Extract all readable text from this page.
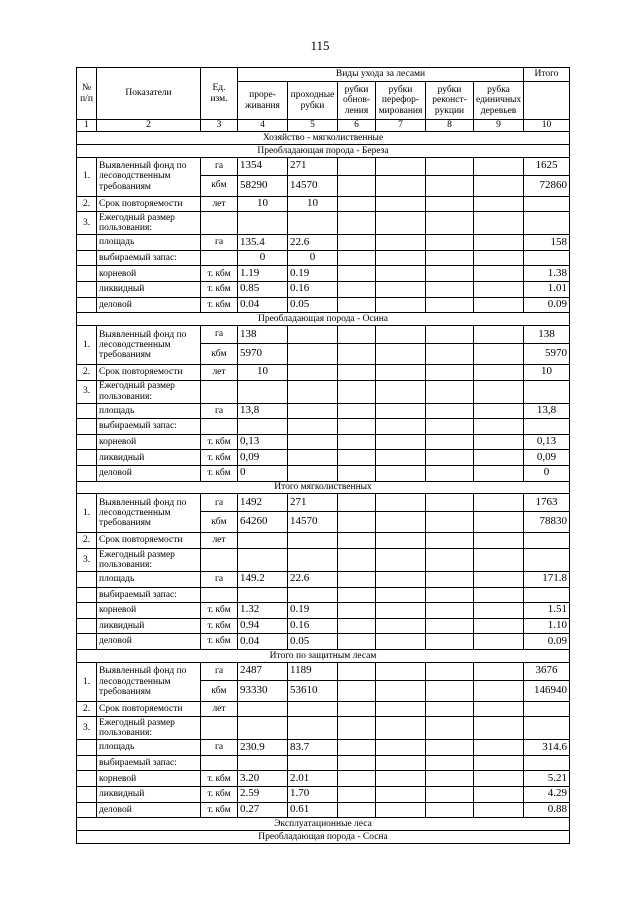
115
№ п/п	Показатели	Ед. изм.	Виды ухода за лесами						Итого
			проре-живания	проходные рубки	рубки обнов-ления	рубки перефор-мирования	рубки реконст-рукции	рубка единичных деревьев	
1	2	3	4	5	6	7	8	9	10
Хозяйство - мягколиственные									
Преобладающая порода - Береза									
1.	Выявленный фонд по лесоводственным требованиям	га	1354	271					1625
		кбм	58290	14570					72860
2.	Срок повторяемости	лет	10	10					
3.	Ежегодный размер пользования:								
	площадь	га	135.4	22.6					158
	выбираемый запас:		0	0					
	корневой	т. кбм	1.19	0.19					1.38
	ликвидный	т. кбм	0.85	0.16					1.01
	деловой	т. кбм	0.04	0.05					0.09
Преобладающая порода - Осина									
1.	Выявленный фонд по лесоводственным требованиям	га	138						138
		кбм	5970						5970
2.	Срок повторяемости	лет	10						10
3.	Ежегодный размер пользования:								
	площадь	га	13,8						13,8
	выбираемый запас:								
	корневой	т. кбм	0,13						0,13
	ликвидный	т. кбм	0,09						0,09
	деловой	т. кбм	0						0
Итого мягколиственных									
1.	Выявленный фонд по лесоводственным требованиям	га	1492	271					1763
		кбм	64260	14570					78830
2.	Срок повторяемости	лет							
3.	Ежегодный размер пользования:								
	площадь	га	149.2	22.6					171.8
	выбираемый запас:								
	корневой	т. кбм	1.32	0.19					1.51
	ликвидный	т. кбм	0.94	0.16					1.10
	деловой	т. кбм	0.04	0.05					0.09
Итого по защитным лесам									
1.	Выявленный фонд по лесоводственным требованиям	га	2487	1189					3676
		кбм	93330	53610					146940
2.	Срок повторяемости	лет							
3.	Ежегодный размер пользования:								
	площадь	га	230.9	83.7					314.6
	выбираемый запас:								
	корневой	т. кбм	3.20	2.01					5.21
	ликвидный	т. кбм	2.59	1.70					4.29
	деловой	т. кбм	0.27	0.61					0.88
Эксплуатационные леса									
Преобладающая порода - Сосна									
